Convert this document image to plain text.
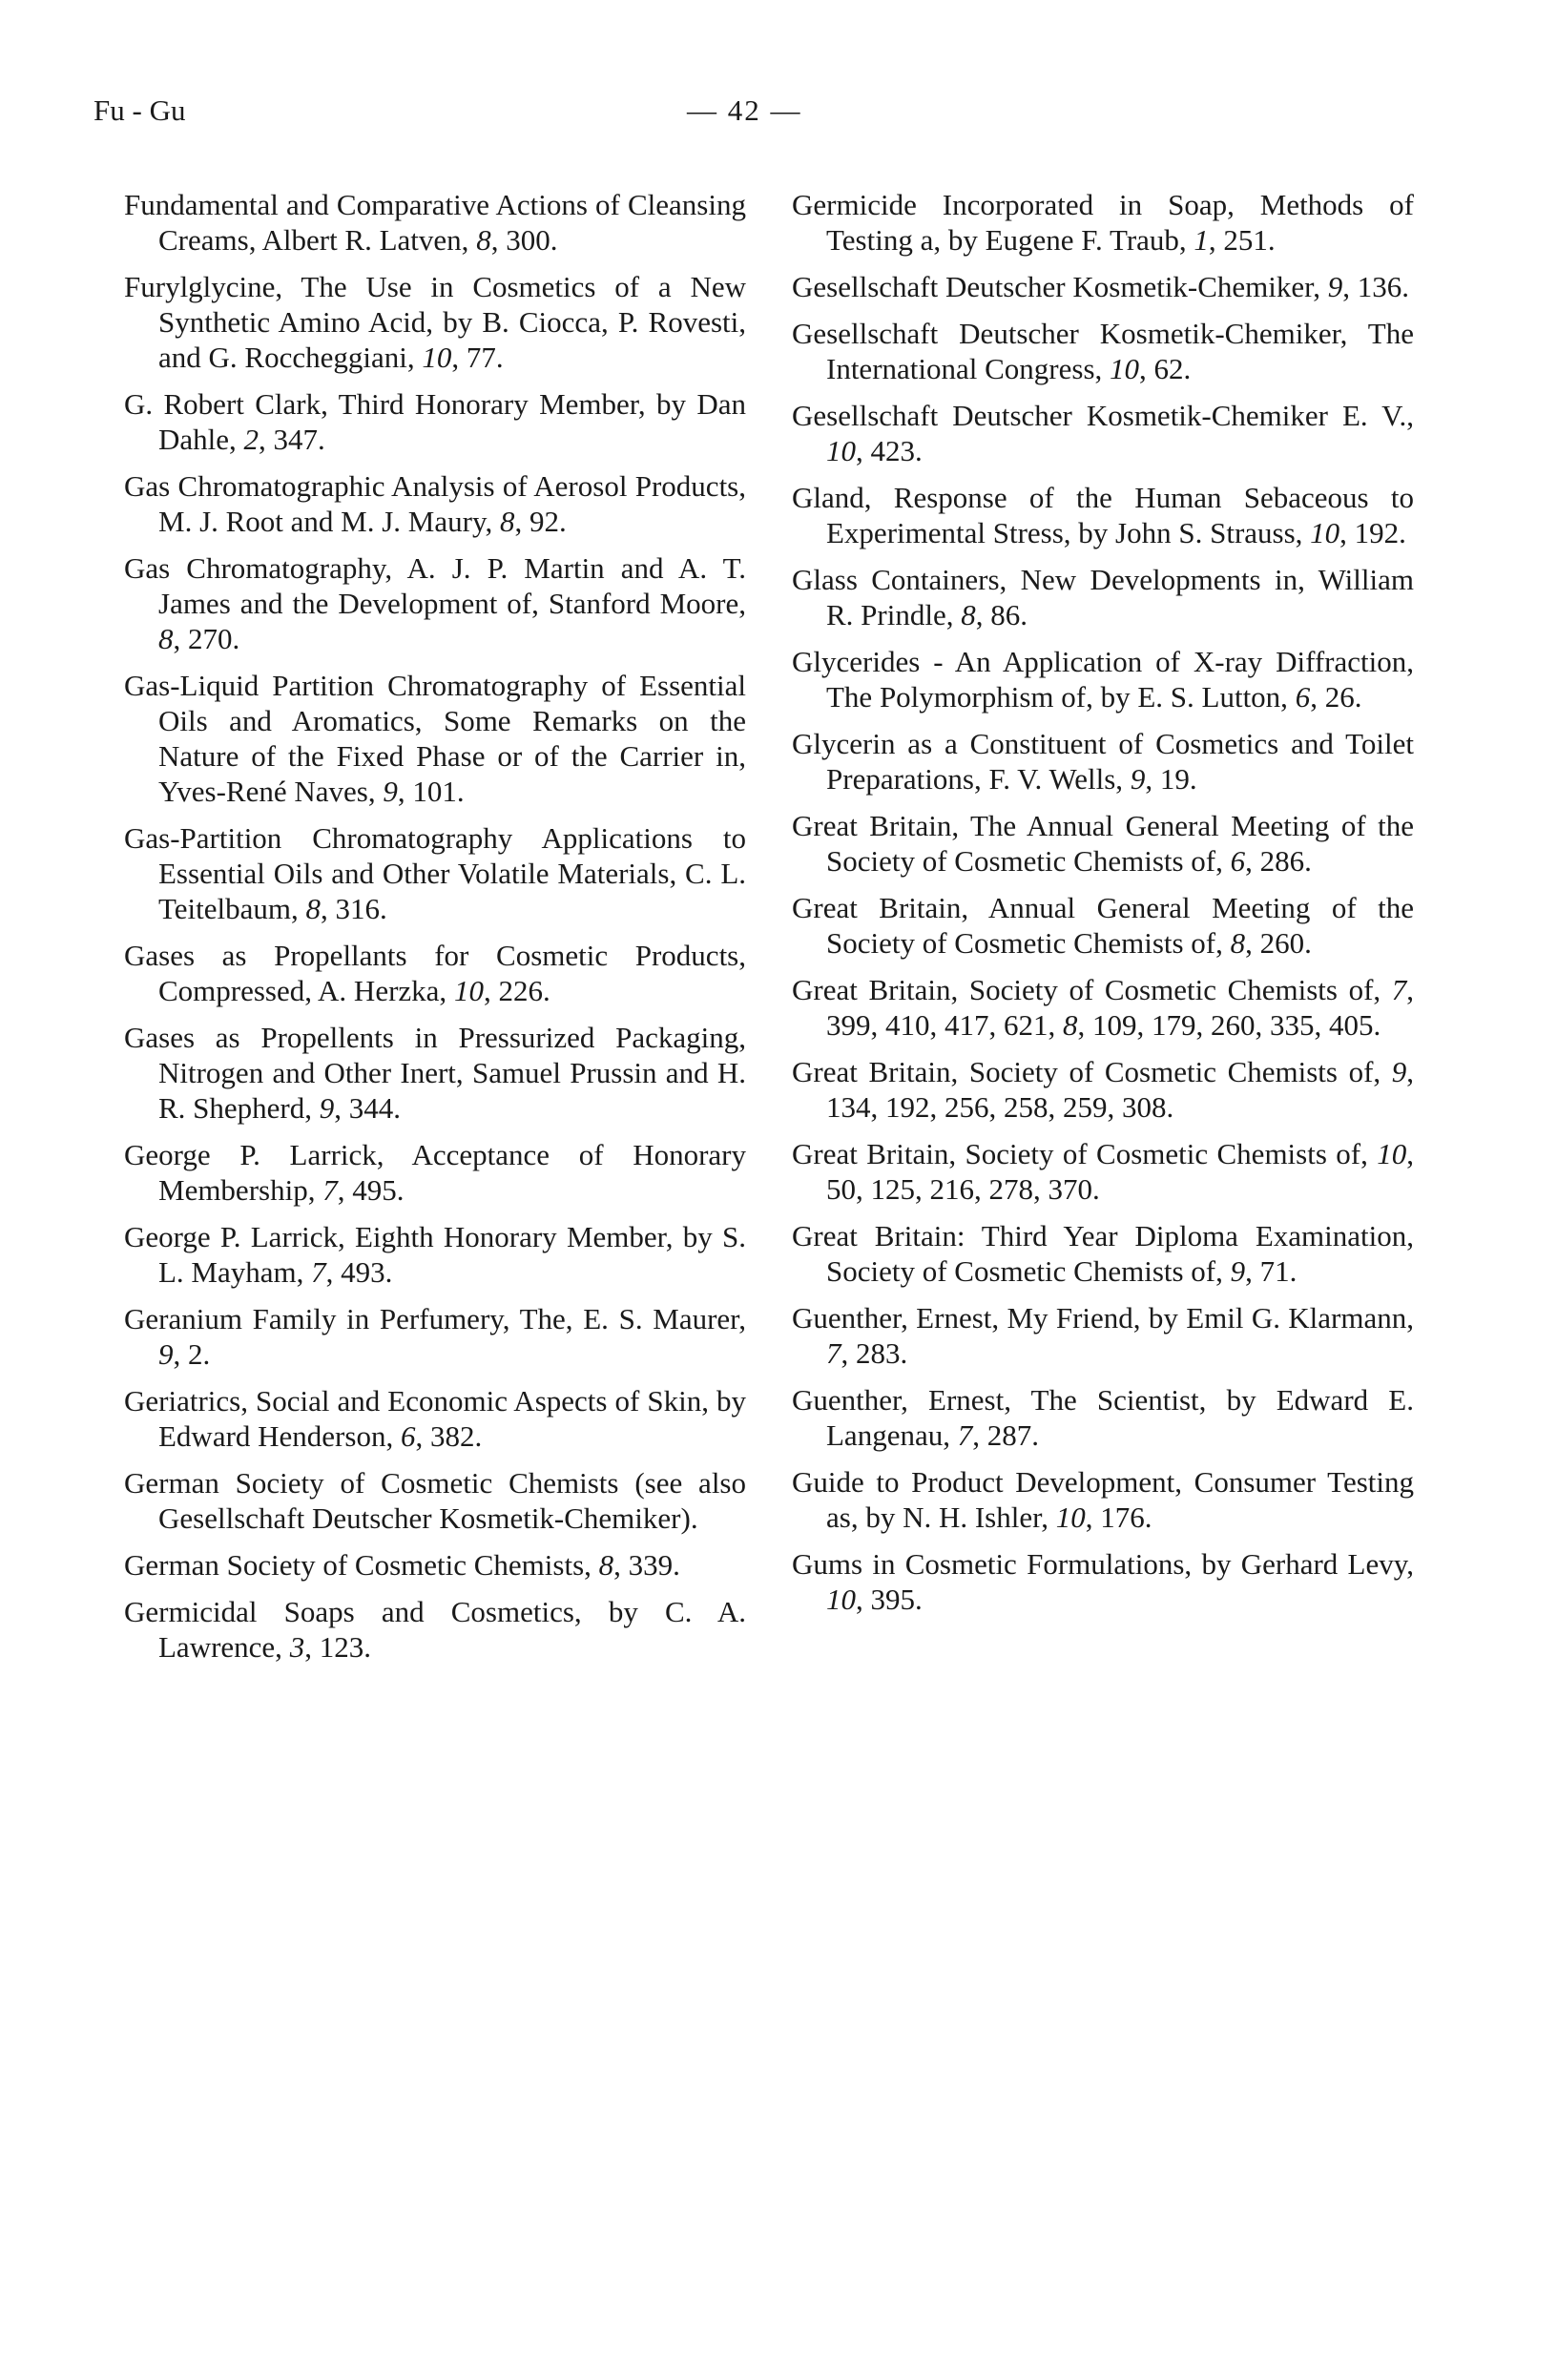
Fu - Gu	— 42 —
Fundamental and Comparative Actions of Cleansing Creams, Albert R. Latven, 8, 300.
Furylglycine, The Use in Cosmetics of a New Synthetic Amino Acid, by B. Ciocca, P. Rovesti, and G. Roccheggiani, 10, 77.
G. Robert Clark, Third Honorary Member, by Dan Dahle, 2, 347.
Gas Chromatographic Analysis of Aerosol Products, M. J. Root and M. J. Maury, 8, 92.
Gas Chromatography, A. J. P. Martin and A. T. James and the Development of, Stanford Moore, 8, 270.
Gas-Liquid Partition Chromatography of Essential Oils and Aromatics, Some Remarks on the Nature of the Fixed Phase or of the Carrier in, Yves-René Naves, 9, 101.
Gas-Partition Chromatography Applications to Essential Oils and Other Volatile Materials, C. L. Teitelbaum, 8, 316.
Gases as Propellants for Cosmetic Products, Compressed, A. Herzka, 10, 226.
Gases as Propellents in Pressurized Packaging, Nitrogen and Other Inert, Samuel Prussin and H. R. Shepherd, 9, 344.
George P. Larrick, Acceptance of Honorary Membership, 7, 495.
George P. Larrick, Eighth Honorary Member, by S. L. Mayham, 7, 493.
Geranium Family in Perfumery, The, E. S. Maurer, 9, 2.
Geriatrics, Social and Economic Aspects of Skin, by Edward Henderson, 6, 382.
German Society of Cosmetic Chemists (see also Gesellschaft Deutscher Kosmetik-Chemiker).
German Society of Cosmetic Chemists, 8, 339.
Germicidal Soaps and Cosmetics, by C. A. Lawrence, 3, 123.
Germicide Incorporated in Soap, Methods of Testing a, by Eugene F. Traub, 1, 251.
Gesellschaft Deutscher Kosmetik-Chemiker, 9, 136.
Gesellschaft Deutscher Kosmetik-Chemiker, The International Congress, 10, 62.
Gesellschaft Deutscher Kosmetik-Chemiker E. V., 10, 423.
Gland, Response of the Human Sebaceous to Experimental Stress, by John S. Strauss, 10, 192.
Glass Containers, New Developments in, William R. Prindle, 8, 86.
Glycerides - An Application of X-ray Diffraction, The Polymorphism of, by E. S. Lutton, 6, 26.
Glycerin as a Constituent of Cosmetics and Toilet Preparations, F. V. Wells, 9, 19.
Great Britain, The Annual General Meeting of the Society of Cosmetic Chemists of, 6, 286.
Great Britain, Annual General Meeting of the Society of Cosmetic Chemists of, 8, 260.
Great Britain, Society of Cosmetic Chemists of, 7, 399, 410, 417, 621, 8, 109, 179, 260, 335, 405.
Great Britain, Society of Cosmetic Chemists of, 9, 134, 192, 256, 258, 259, 308.
Great Britain, Society of Cosmetic Chemists of, 10, 50, 125, 216, 278, 370.
Great Britain: Third Year Diploma Examination, Society of Cosmetic Chemists of, 9, 71.
Guenther, Ernest, My Friend, by Emil G. Klarmann, 7, 283.
Guenther, Ernest, The Scientist, by Edward E. Langenau, 7, 287.
Guide to Product Development, Consumer Testing as, by N. H. Ishler, 10, 176.
Gums in Cosmetic Formulations, by Gerhard Levy, 10, 395.
